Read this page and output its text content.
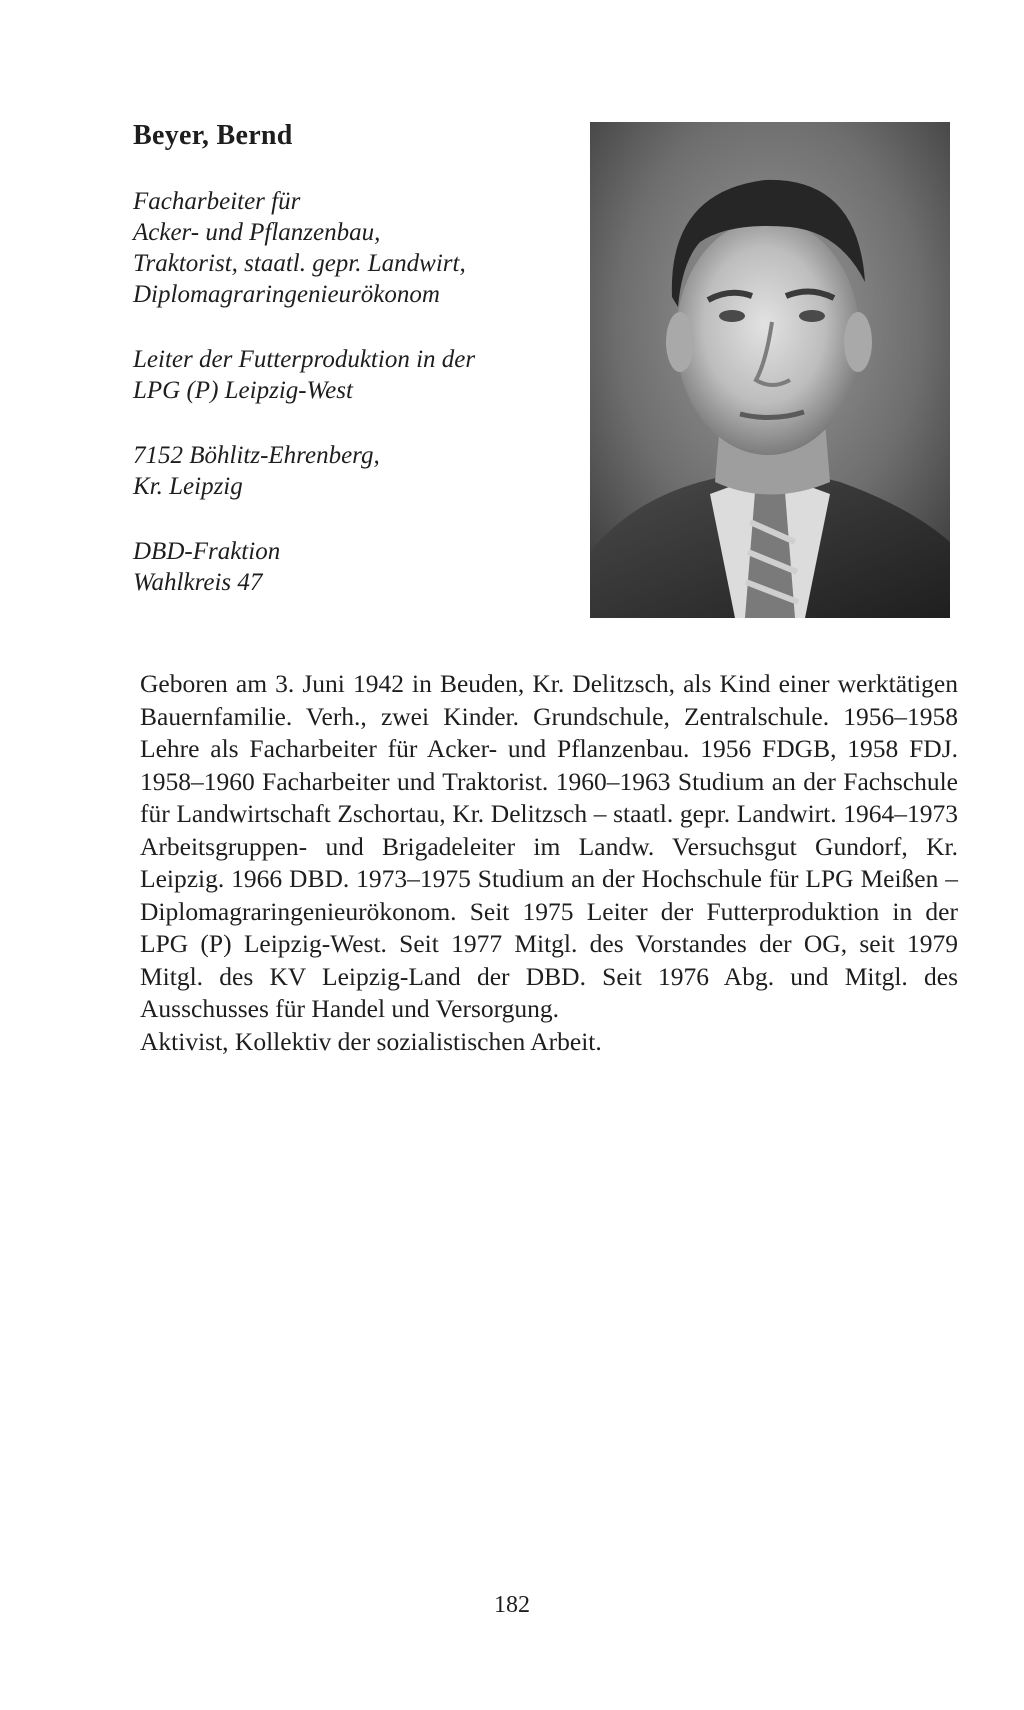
Beyer, Bernd

Facharbeiter für
Acker- und Pflanzenbau,
Traktorist, staatl. gepr. Landwirt,
Diplomagraringenieurökonom

Leiter der Futterproduktion in der
LPG (P) Leipzig-West

7152 Böhlitz-Ehrenberg,
Kr. Leipzig

DBD-Fraktion
Wahlkreis 47

Geboren am 3. Juni 1942 in Beuden, Kr. Delitzsch, als Kind einer werktätigen Bauernfamilie. Verh., zwei Kinder. Grundschule, Zentralschule. 1956–1958 Lehre als Facharbeiter für Acker- und Pflanzenbau. 1956 FDGB, 1958 FDJ. 1958–1960 Facharbeiter und Traktorist. 1960–1963 Studium an der Fachschule für Landwirtschaft Zschortau, Kr. Delitzsch – staatl. gepr. Landwirt. 1964–1973 Arbeitsgruppen- und Brigadeleiter im Landw. Versuchsgut Gundorf, Kr. Leipzig. 1966 DBD. 1973–1975 Studium an der Hochschule für LPG Meißen – Diplomagraringenieurökonom. Seit 1975 Leiter der Futterproduktion in der LPG (P) Leipzig-West. Seit 1977 Mitgl. des Vorstandes der OG, seit 1979 Mitgl. des KV Leipzig-Land der DBD. Seit 1976 Abg. und Mitgl. des Ausschusses für Handel und Versorgung.

Aktivist, Kollektiv der sozialistischen Arbeit.

182
